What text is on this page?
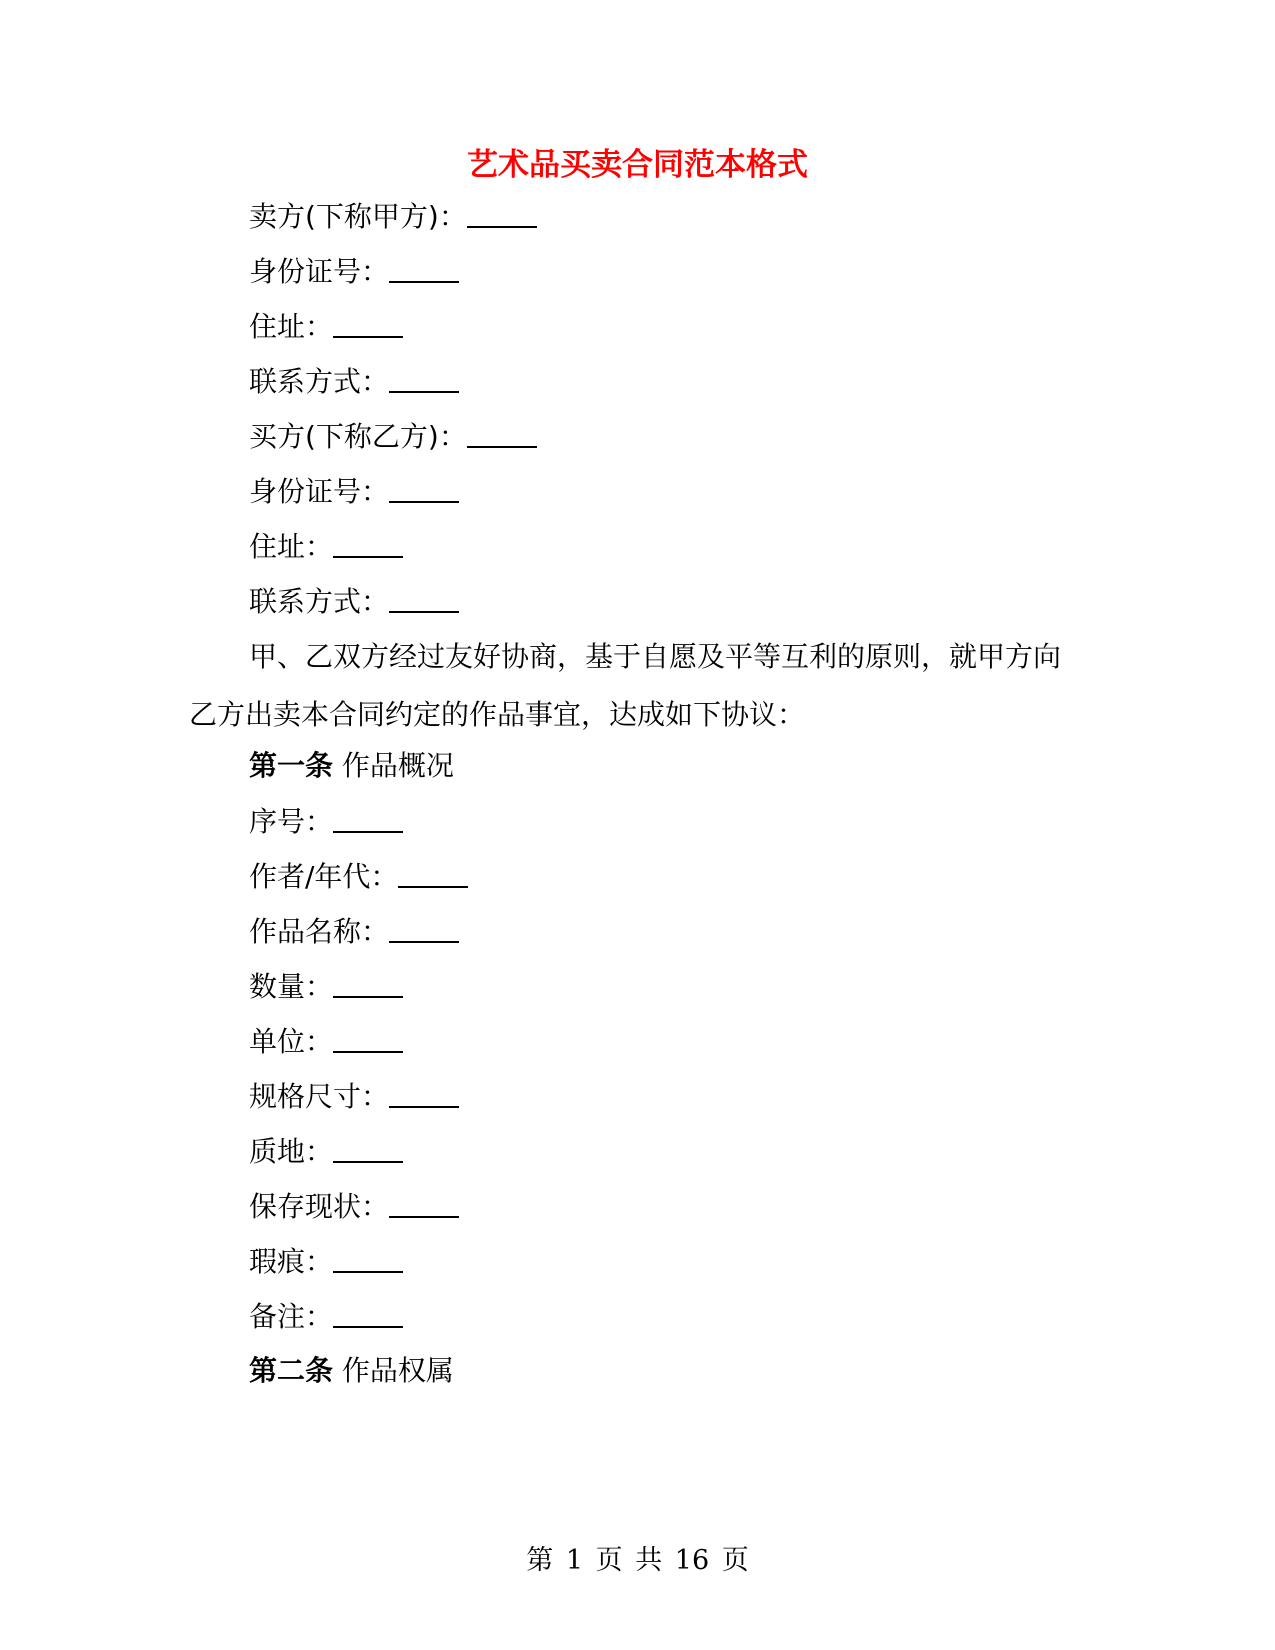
艺术品买卖合同范本格式
卖方(下称甲方)：
身份证号：
住址：
联系方式：
买方(下称乙方)：
身份证号：
住址：
联系方式：
甲、乙双方经过友好协商，基于自愿及平等互利的原则，就甲方向乙方出卖本合同约定的作品事宜，达成如下协议：
第一条 作品概况
序号：
作者/年代：
作品名称：
数量：
单位：
规格尺寸：
质地：
保存现状：
瑕痕：
备注：
第二条 作品权属
第 1 页 共 16 页
